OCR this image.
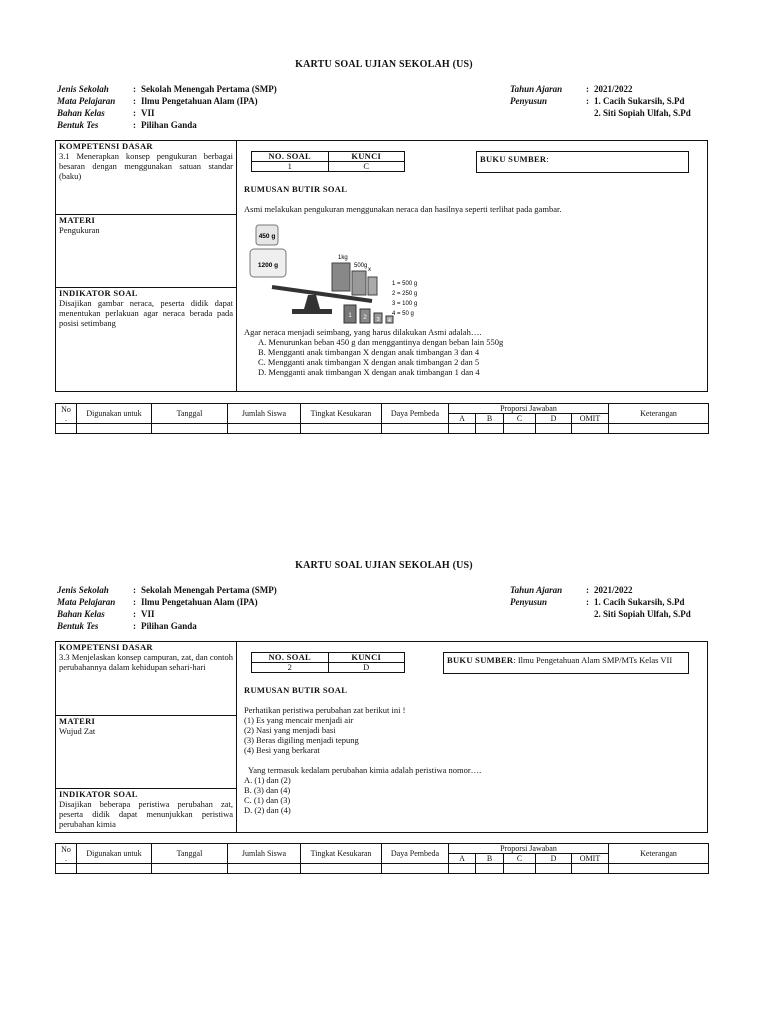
KARTU SOAL UJIAN SEKOLAH (US)
Jenis Sekolah	: Sekolah Menengah Pertama (SMP)
Mata Pelajaran : Ilmu Pengetahuan Alam (IPA)
Bahan Kelas	: VII
Bentuk Tes	: Pilihan Ganda
Tahun Ajaran	: 2021/2022
Penyusun	: 1. Cacih Sukarsih, S.Pd
2. Siti Sopiah Ulfah, S.Pd
KOMPETENSI DASAR
3.1 Menerapkan konsep pengukuran berbagai besaran dengan menggunakan satuan standar (baku)
MATERI
Pengukuran
INDIKATOR SOAL
Disajikan gambar neraca, peserta didik dapat menentukan perlakuan agar neraca berada pada posisi setimbang
NO. SOAL	KUNCI
1	C
BUKU SUMBER:
RUMUSAN BUTIR SOAL
Asmi melakukan pengukuran menggunakan neraca dan hasilnya seperti terlihat pada gambar.
450 g
1200 g
1kg
500g
x
1 2 3 4
1 = 500 g
2 = 250 g
3 = 100 g
4 = 50 g
Agar neraca menjadi seimbang, yang harus dilakukan Asmi adalah….
A. Menurunkan beban 450 g dan menggantinya dengan beban lain 550g
B. Mengganti anak timbangan X dengan anak timbangan 3 dan 4
C. Mengganti anak timbangan X dengan anak timbangan 2 dan 5
D. Mengganti anak timbangan X dengan anak timbangan 1 dan 4
No
.	Digunakan untuk	Tanggal	Jumlah Siswa	Tingkat Kesukaran	Daya Pembeda	Proporsi Jawaban					Keterangan
						A	B	C	D	OMIT	

KARTU SOAL UJIAN SEKOLAH (US)
Jenis Sekolah	: Sekolah Menengah Pertama (SMP)
Mata Pelajaran : Ilmu Pengetahuan Alam (IPA)
Bahan Kelas	: VII
Bentuk Tes	: Pilihan Ganda
Tahun Ajaran	: 2021/2022
Penyusun	: 1. Cacih Sukarsih, S.Pd
2. Siti Sopiah Ulfah, S.Pd
KOMPETENSI DASAR
3.3 Menjelaskan konsep campuran, zat, dan contoh perubahannya dalam kehidupan sehari-hari
MATERI
Wujud Zat
INDIKATOR SOAL
Disajikan beberapa peristiwa perubahan zat, peserta didik dapat menunjukkan peristiwa perubahan kimia
NO. SOAL	KUNCI
2	D
BUKU SUMBER: Ilmu Pengetahuan Alam SMP/MTs Kelas VII
RUMUSAN BUTIR SOAL
Perhatikan peristiwa perubahan zat berikut ini !
(1) Es yang mencair menjadi air
(2) Nasi yang menjadi basi
(3) Beras digiling menjadi tepung
(4) Besi yang berkarat
Yang termasuk kedalam perubahan kimia adalah peristiwa nomor….
A. (1) dan (2)
B. (3) dan (4)
C. (1) dan (3)
D. (2) dan (4)
No
.	Digunakan untuk	Tanggal	Jumlah Siswa	Tingkat Kesukaran	Daya Pembeda	Proporsi Jawaban					Keterangan
						A	B	C	D	OMIT	
